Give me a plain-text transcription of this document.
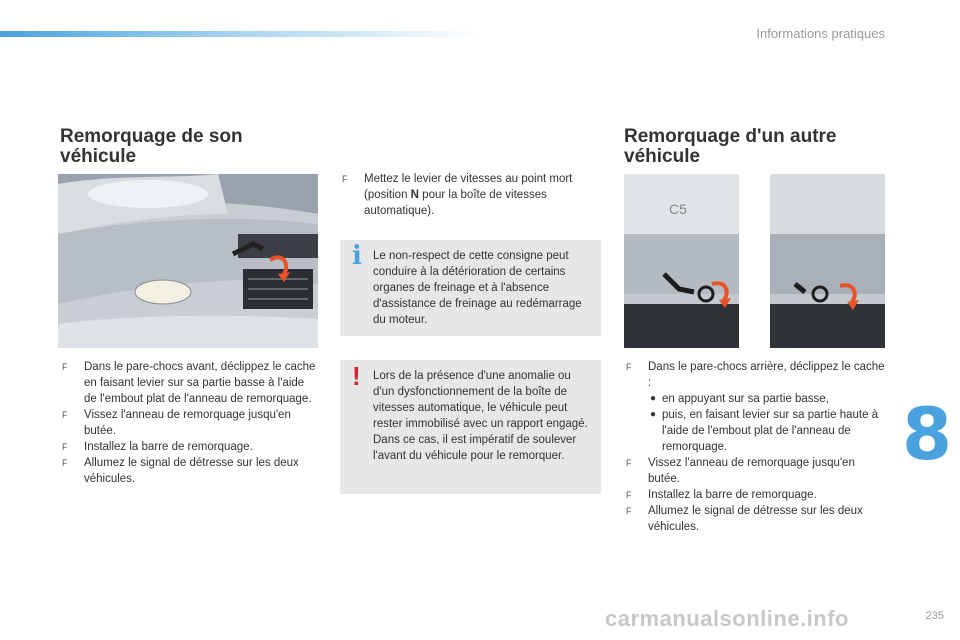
Informations pratiques
Remorquage de son
véhicule
F Dans le pare-chocs avant, déclippez le cache en faisant levier sur sa partie basse à l'aide de l'embout plat de l'anneau de remorquage.
F Vissez l'anneau de remorquage jusqu'en butée.
F Installez la barre de remorquage.
F Allumez le signal de détresse sur les deux véhicules.
F Mettez le levier de vitesses au point mort (position N pour la boîte de vitesses automatique).
i Le non-respect de cette consigne peut conduire à la détérioration de certains organes de freinage et à l'absence d'assistance de freinage au redémarrage du moteur.
! Lors de la présence d'une anomalie ou d'un dysfonctionnement de la boîte de vitesses automatique, le véhicule peut rester immobilisé avec un rapport engagé. Dans ce cas, il est impératif de soulever l'avant du véhicule pour le remorquer.
Remorquage d'un autre
véhicule
C5
F Dans le pare-chocs arrière, déclippez le cache :
● en appuyant sur sa partie basse,
● puis, en faisant levier sur sa partie haute à l'aide de l'embout plat de l'anneau de remorquage.
F Vissez l'anneau de remorquage jusqu'en butée.
F Installez la barre de remorquage.
F Allumez le signal de détresse sur les deux véhicules.
8
carmanualsonline.info	235
